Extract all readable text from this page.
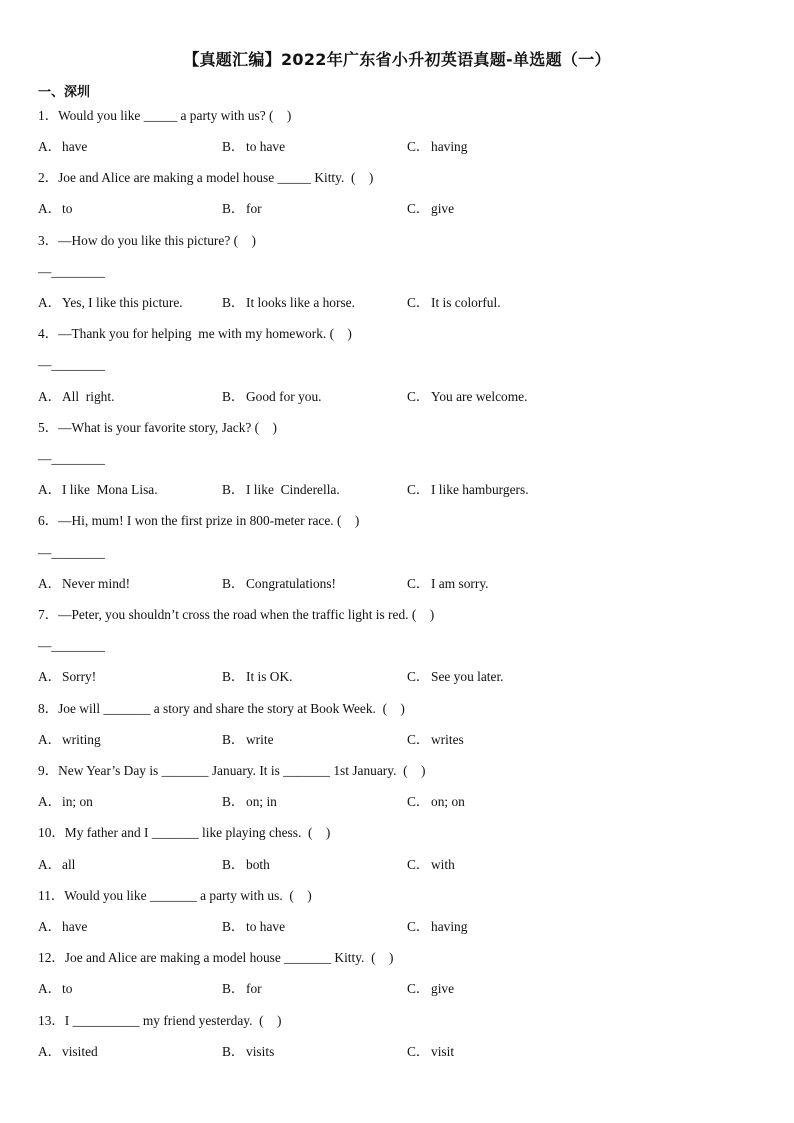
【真题汇编】2022年广东省小升初英语真题-单选题（一）
一、深圳
1．Would you like _____ a party with us? (    )
A．have	B． to have	C． having
2．Joe and Alice are making a model house _____ Kitty.  (    )
A．to	B． for	C． give
3．—How do you like this picture? (    )
—________
A．Yes, I like this picture.	B． It looks like a horse.	C． It is colorful.
4．—Thank you for helping  me with my homework. (    )
—________
A．All  right.	B． Good for you.	C． You are welcome.
5．—What is your favorite story, Jack? (    )
—________
A．I like  Mona Lisa.	B． I like  Cinderella.	C． I like hamburgers.
6．—Hi, mum! I won the first prize in 800-meter race. (    )
—________
A．Never mind!	B． Congratulations!	C． I am sorry.
7．—Peter, you shouldn’t cross the road when the traffic light is red. (    )
—________
A．Sorry!	B． It is OK.	C． See you later.
8．Joe will _______ a story and share the story at Book Week.  (    )
A．writing	B． write	C． writes
9．New Year’s Day is _______ January. It is _______ 1st January.  (    )
A．in; on	B． on; in	C． on; on
10．My father and I _______ like playing chess.  (    )
A．all	B． both	C． with
11．Would you like _______ a party with us.  (    )
A．have	B． to have	C． having
12．Joe and Alice are making a model house _______ Kitty.  (    )
A．to	B． for	C． give
13．I __________ my friend yesterday.  (    )
A．visited	B． visits	C． visit
